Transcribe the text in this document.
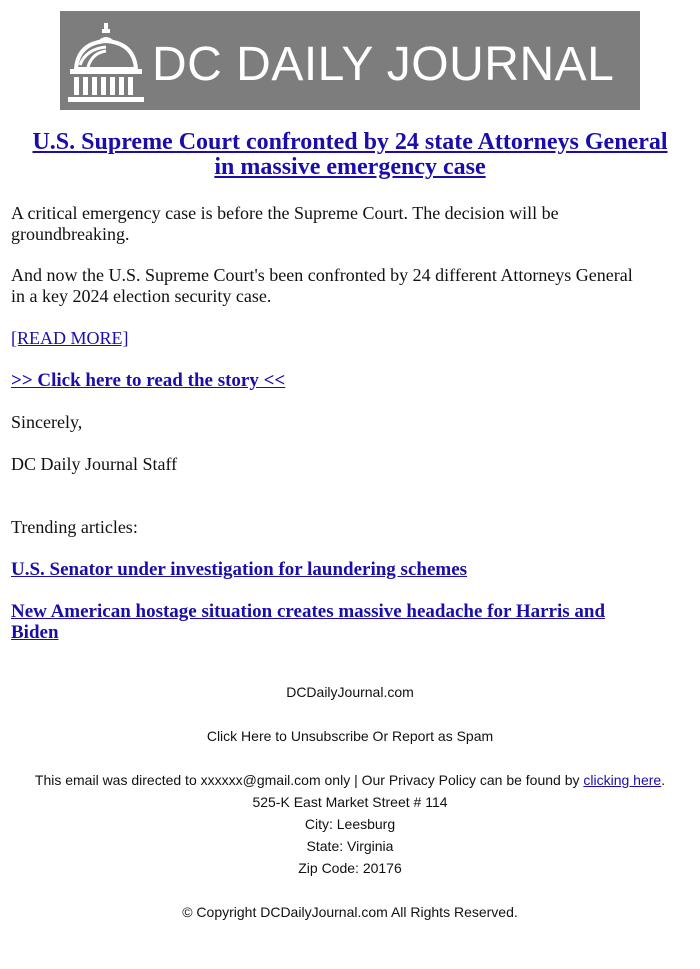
DC DAILY JOURNAL
U.S. Supreme Court confronted by 24 state Attorneys General in massive emergency case

A critical emergency case is before the Supreme Court. The decision will be groundbreaking.

And now the U.S. Supreme Court's been confronted by 24 different Attorneys General in a key 2024 election security case.

[READ MORE]

>> Click here to read the story <<

Sincerely,

DC Daily Journal Staff

Trending articles:

U.S. Senator under investigation for laundering schemes

New American hostage situation creates massive headache for Harris and Biden

DCDailyJournal.com

Click Here to Unsubscribe Or Report as Spam

This email was directed to xxxxxx@gmail.com only | Our Privacy Policy can be found by clicking here.

525-K East Market Street # 114

City: Leesburg

State: Virginia

Zip Code: 20176

© Copyright DCDailyJournal.com All Rights Reserved.
